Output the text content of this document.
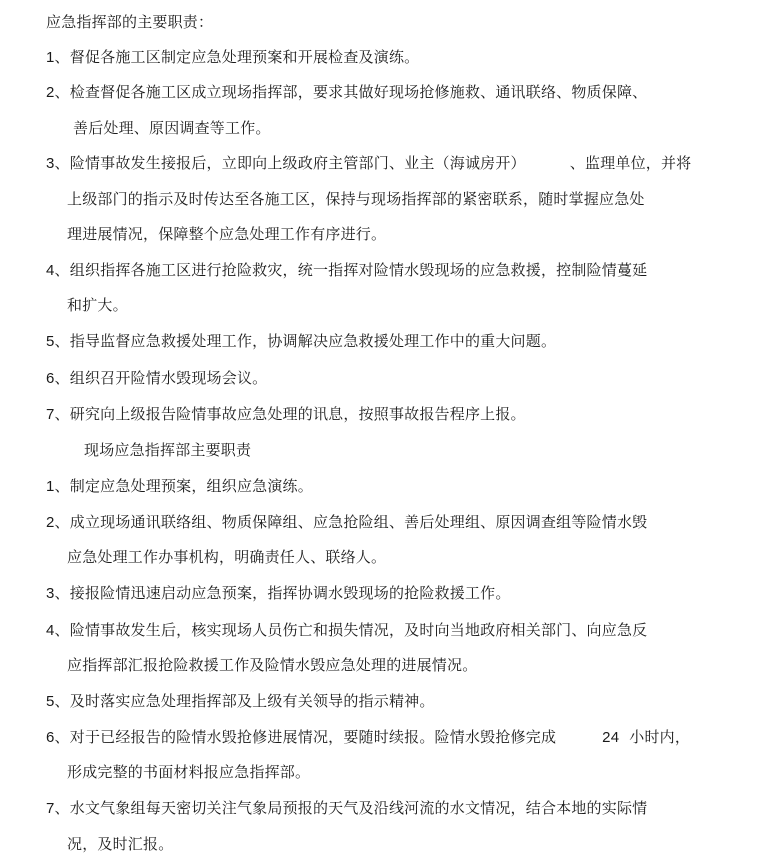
应急指挥部的主要职责：
1、督促各施工区制定应急处理预案和开展检查及演练。
2、检查督促各施工区成立现场指挥部，要求其做好现场抢修施救、通讯联络、物质保障、
善后处理、原因调查等工作。
3、险情事故发生接报后，立即向上级政府主管部门、业主（海诚房开）	、监理单位，并将
上级部门的指示及时传达至各施工区，保持与现场指挥部的紧密联系，随时掌握应急处
理进展情况，保障整个应急处理工作有序进行。
4、组织指挥各施工区进行抢险救灾，统一指挥对险情水毁现场的应急救援，控制险情蔓延
和扩大。
5、指导监督应急救援处理工作，协调解决应急救援处理工作中的重大问题。
6、组织召开险情水毁现场会议。
7、研究向上级报告险情事故应急处理的讯息，按照事故报告程序上报。
现场应急指挥部主要职责
1、制定应急处理预案，组织应急演练。
2、成立现场通讯联络组、物质保障组、应急抢险组、善后处理组、原因调查组等险情水毁
应急处理工作办事机构，明确责任人、联络人。
3、接报险情迅速启动应急预案，指挥协调水毁现场的抢险救援工作。
4、险情事故发生后，核实现场人员伤亡和损失情况，及时向当地政府相关部门、向应急反
应指挥部汇报抢险救援工作及险情水毁应急处理的进展情况。
5、及时落实应急处理指挥部及上级有关领导的指示精神。
6、对于已经报告的险情水毁抢修进展情况，要随时续报。险情水毁抢修完成	24 小时内，
形成完整的书面材料报应急指挥部。
7、水文气象组每天密切关注气象局预报的天气及沿线河流的水文情况，结合本地的实际情
况，及时汇报。
